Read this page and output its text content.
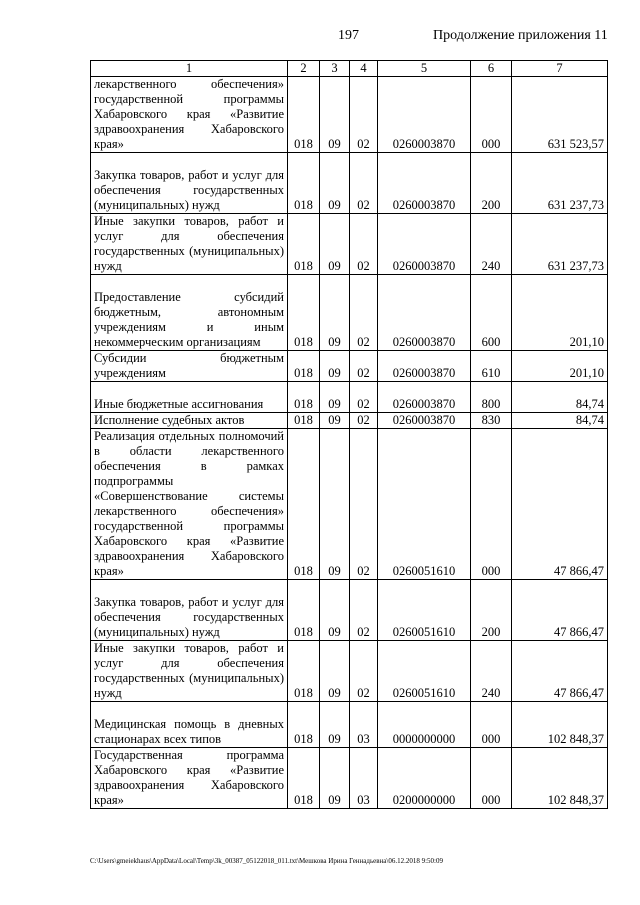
197	Продолжение приложения 11
1	2	3	4	5	6	7
лекарственного обеспечения» государственной программы Хабаровского края «Развитие здравоохранения Хабаровского края»	018	09	02	0260003870	000	631 523,57
Закупка товаров, работ и услуг для обеспечения государственных (муниципальных) нужд	018	09	02	0260003870	200	631 237,73
Иные закупки товаров, работ и услуг для обеспечения государственных (муниципальных) нужд	018	09	02	0260003870	240	631 237,73
Предоставление субсидий бюджетным, автономным учреждениям и иным некоммерческим организациям	018	09	02	0260003870	600	201,10
Субсидии бюджетным учреждениям	018	09	02	0260003870	610	201,10
Иные бюджетные ассигнования	018	09	02	0260003870	800	84,74
Исполнение судебных актов	018	09	02	0260003870	830	84,74
Реализация отдельных полномочий в области лекарственного обеспечения в рамках подпрограммы «Совершенствование системы лекарственного обеспечения» государственной программы Хабаровского края «Развитие здравоохранения Хабаровского края»	018	09	02	0260051610	000	47 866,47
Закупка товаров, работ и услуг для обеспечения государственных (муниципальных) нужд	018	09	02	0260051610	200	47 866,47
Иные закупки товаров, работ и услуг для обеспечения государственных (муниципальных) нужд	018	09	02	0260051610	240	47 866,47
Медицинская помощь в дневных стационарах всех типов	018	09	03	0000000000	000	102 848,37
Государственная программа Хабаровского края «Развитие здравоохранения Хабаровского края»	018	09	03	0200000000	000	102 848,37
C:\Users\gmeiekhaus\AppData\Local\Temp\3k_00387_05122018_011.txt\Мешкова Ирина Геннадьевна\06.12.2018 9:50:09
